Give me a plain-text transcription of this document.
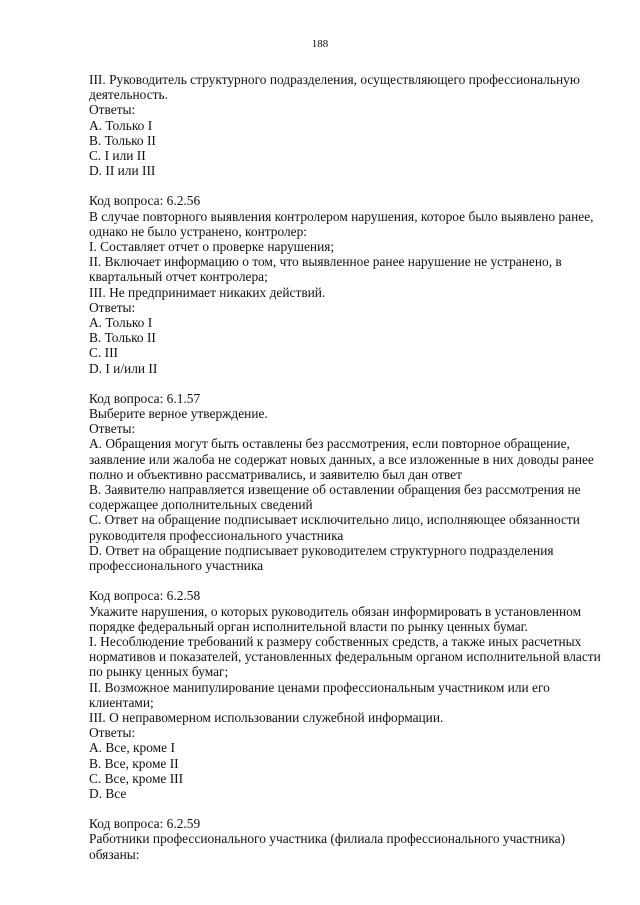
188
III. Руководитель структурного подразделения, осуществляющего профессиональную
деятельность.
Ответы:
A. Только I
B. Только II
C. I или II
D. II или III
Код вопроса: 6.2.56
В случае повторного выявления контролером нарушения, которое было выявлено ранее,
однако не было устранено, контролер:
I. Составляет отчет о проверке нарушения;
II. Включает информацию о том, что выявленное ранее нарушение не устранено, в
квартальный отчет контролера;
III. Не предпринимает никаких действий.
Ответы:
A. Только I
B. Только II
C. III
D. I и/или II
Код вопроса: 6.1.57
Выберите верное утверждение.
Ответы:
A. Обращения могут быть оставлены без рассмотрения, если повторное обращение,
заявление или жалоба не содержат новых данных, а все изложенные в них доводы ранее
полно и объективно рассматривались, и заявителю был дан ответ
B. Заявителю направляется извещение об оставлении обращения без рассмотрения не
содержащее дополнительных сведений
C. Ответ на обращение подписывает исключительно лицо, исполняющее обязанности
руководителя профессионального участника
D. Ответ на обращение подписывает руководителем структурного подразделения
профессионального участника
Код вопроса: 6.2.58
Укажите нарушения, о которых руководитель обязан информировать в установленном
порядке федеральный орган исполнительной власти по рынку ценных бумаг.
I. Несоблюдение требований к размеру собственных средств, а также иных расчетных
нормативов и показателей, установленных федеральным органом исполнительной власти
по рынку ценных бумаг;
II. Возможное манипулирование ценами профессиональным участником или его
клиентами;
III. О неправомерном использовании служебной информации.
Ответы:
A. Все, кроме I
B. Все, кроме II
C. Все, кроме III
D. Все
Код вопроса: 6.2.59
Работники профессионального участника (филиала профессионального участника)
обязаны:
